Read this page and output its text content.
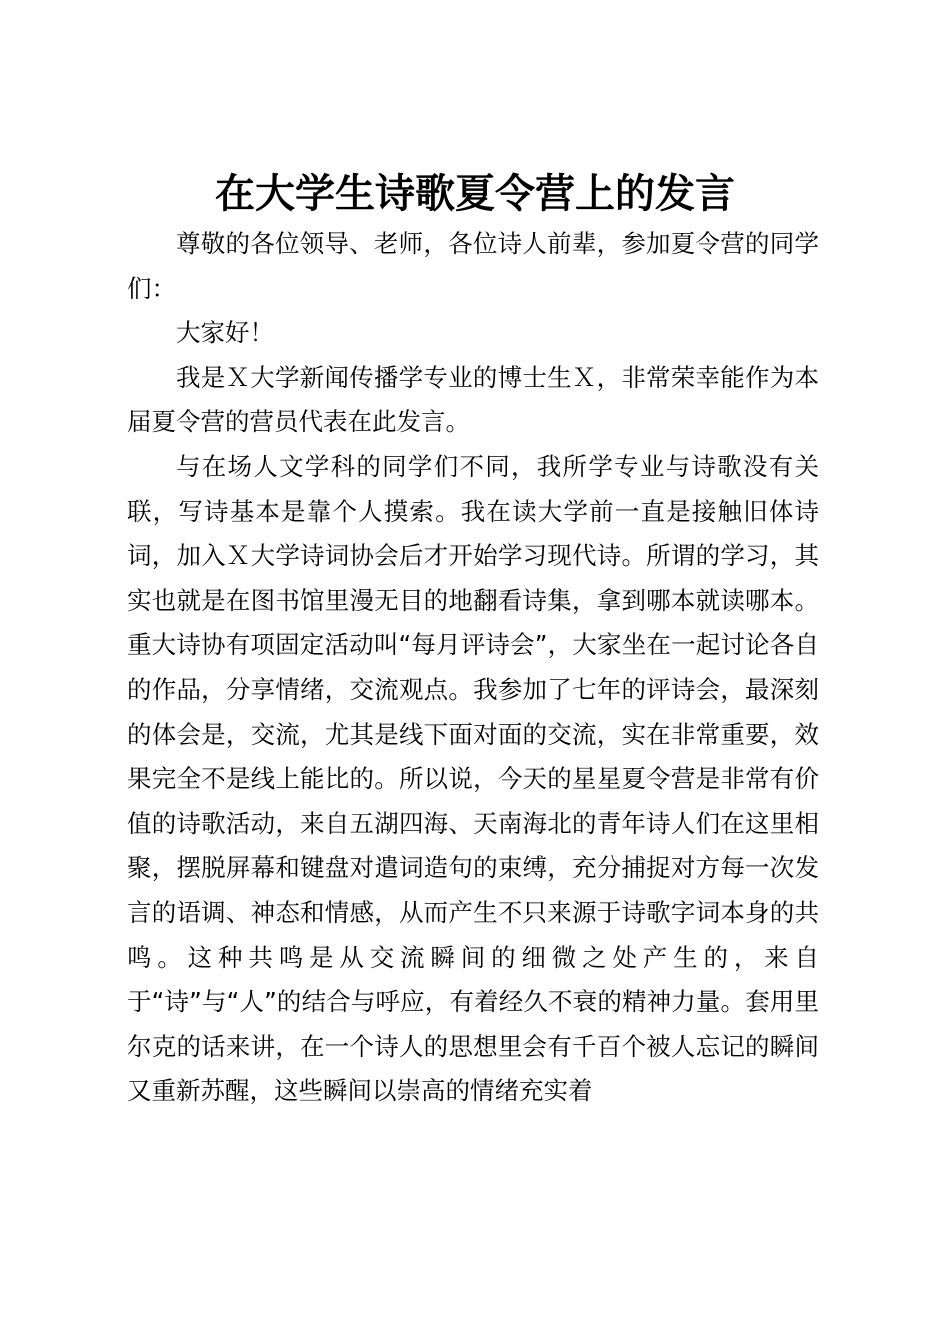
在大学生诗歌夏令营上的发言

尊敬的各位领导、老师，各位诗人前辈，参加夏令营的同学们：

大家好！

我是Ｘ大学新闻传播学专业的博士生Ｘ，非常荣幸能作为本届夏令营的营员代表在此发言。

与在场人文学科的同学们不同，我所学专业与诗歌没有关联，写诗基本是靠个人摸索。我在读大学前一直是接触旧体诗词，加入Ｘ大学诗词协会后才开始学习现代诗。所谓的学习，其实也就是在图书馆里漫无目的地翻看诗集，拿到哪本就读哪本。重大诗协有项固定活动叫“每月评诗会”，大家坐在一起讨论各自的作品，分享情绪，交流观点。我参加了七年的评诗会，最深刻的体会是，交流，尤其是线下面对面的交流，实在非常重要，效果完全不是线上能比的。所以说，今天的星星夏令营是非常有价值的诗歌活动，来自五湖四海、天南海北的青年诗人们在这里相聚，摆脱屏幕和键盘对遣词造句的束缚，充分捕捉对方每一次发言的语调、神态和情感，从而产生不只来源于诗歌字词本身的共鸣。这种共鸣是从交流瞬间的细微之处产生的，来自于“诗”与“人”的结合与呼应，有着经久不衰的精神力量。套用里尔克的话来讲，在一个诗人的思想里会有千百个被人忘记的瞬间又重新苏醒，这些瞬间以崇高的情绪充实着
